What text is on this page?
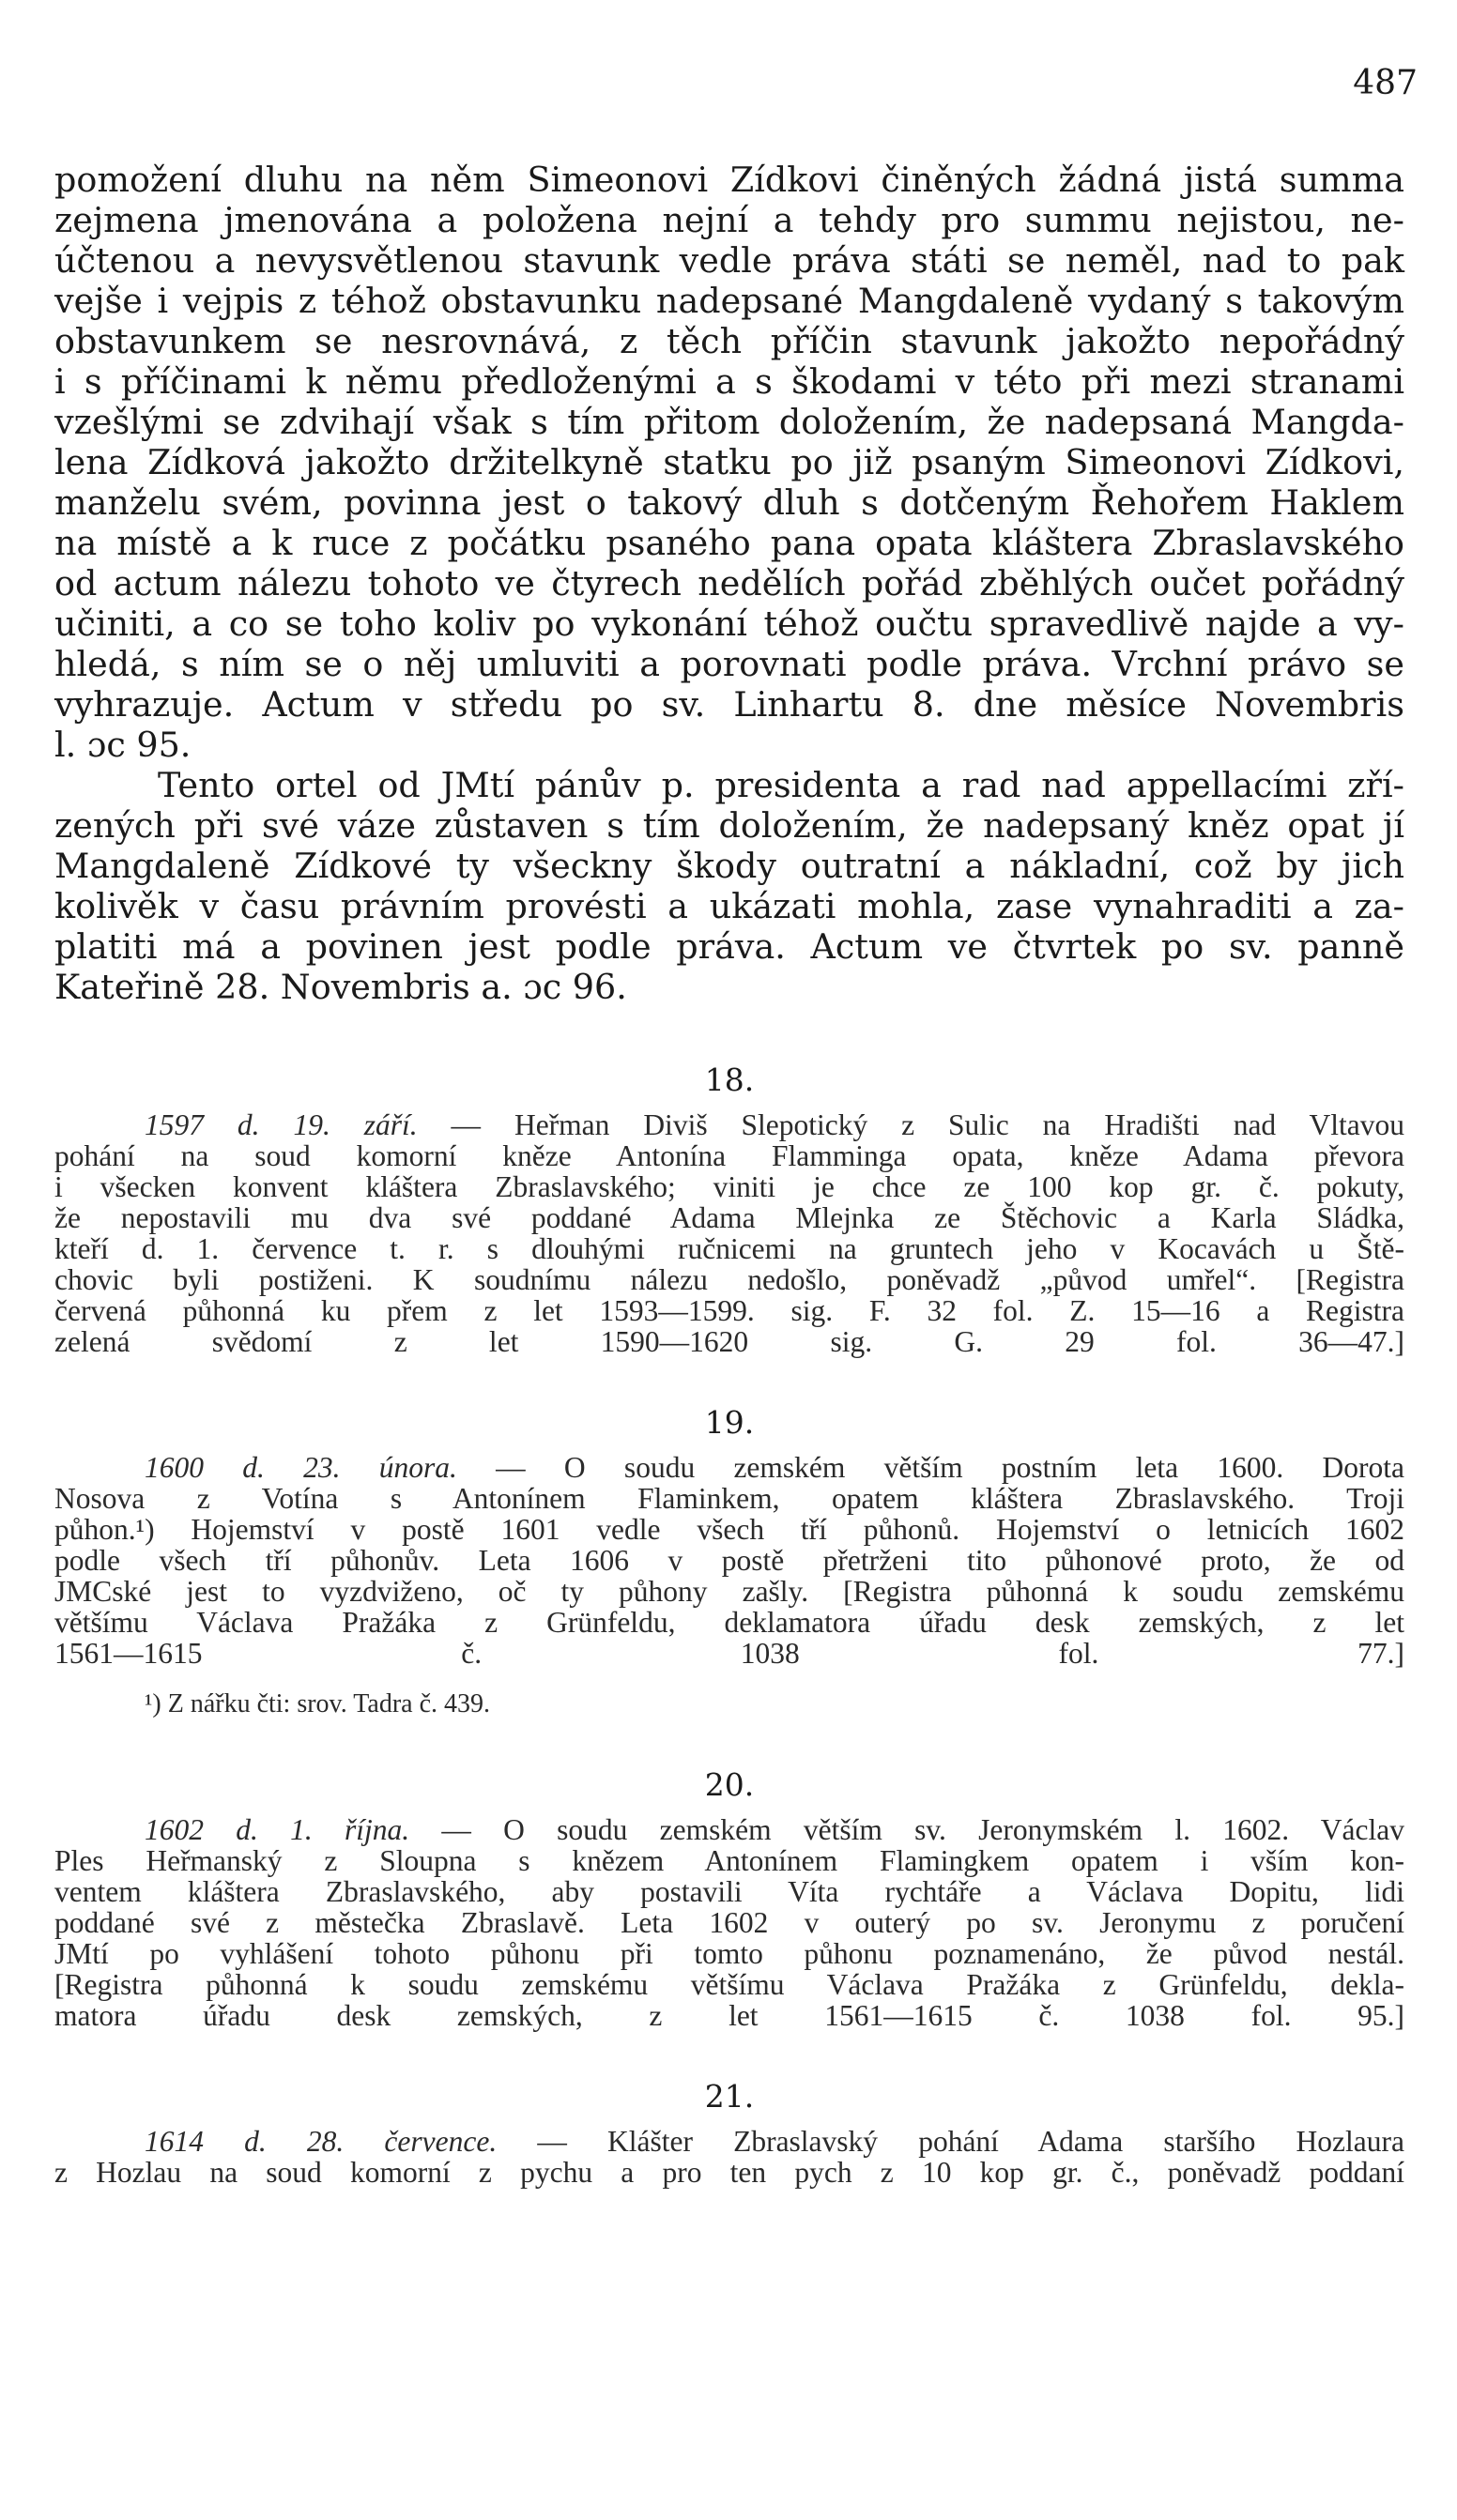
487

pomožení dluhu na něm Simeonovi Zídkovi činěných žádná jistá summa
zejmena jmenována a položena nejní a tehdy pro summu nejistou, ne-
účtenou a nevysvětlenou stavunk vedle práva státi se neměl, nad to pak
vejše i vejpis z téhož obstavunku nadepsané Mangdaleně vydaný s takovým
obstavunkem se nesrovnává, z těch příčin stavunk jakožto nepořádný
i s příčinami k němu předloženými a s škodami v této při mezi stranami
vzešlými se zdvihají však s tím přitom doložením, že nadepsaná Mangda-
lena Zídková jakožto držitelkyně statku po již psaným Simeonovi Zídkovi,
manželu svém, povinna jest o takový dluh s dotčeným Řehořem Haklem
na místě a k ruce z počátku psaného pana opata kláštera Zbraslavského
od actum nálezu tohoto ve čtyrech nedělích pořád zběhlých oučet pořádný
učiniti, a co se toho koliv po vykonání téhož oučtu spravedlivě najde a vy-
hledá, s ním se o něj umluviti a porovnati podle práva. Vrchní právo se
vyhrazuje. Actum v středu po sv. Linhartu 8. dne měsíce Novembris
l. ɔc 95.

Tento ortel od JMtí pánův p. presidenta a rad nad appellacími zří-
zených při své váze zůstaven s tím doložením, že nadepsaný kněz opat jí
Mangdaleně Zídkové ty všeckny škody outratní a nákladní, což by jich
kolivěk v času právním provésti a ukázati mohla, zase vynahraditi a za-
platiti má a povinen jest podle práva. Actum ve čtvrtek po sv. panně
Kateřině 28. Novembris a. ɔc 96.

18.

1597 d. 19. září. — Heřman Diviš Slepotický z Sulic na Hradišti nad Vltavou
pohání na soud komorní kněze Antonína Flamminga opata, kněze Adama převora
i všecken konvent kláštera Zbraslavského; viniti je chce ze 100 kop gr. č. pokuty,
že nepostavili mu dva své poddané Adama Mlejnka ze Štěchovic a Karla Sládka,
kteří d. 1. července t. r. s dlouhými ručnicemi na gruntech jeho v Kocavách u Ště-
chovic byli postiženi. K soudnímu nálezu nedošlo, poněvadž „původ umřel“. [Registra
červená půhonná ku přem z let 1593—1599. sig. F. 32 fol. Z. 15—16 a Registra
zelená svědomí z let 1590—1620 sig. G. 29 fol. 36—47.]

19.

1600 d. 23. února. — O soudu zemském větším postním leta 1600. Dorota
Nosova z Votína s Antonínem Flaminkem, opatem kláštera Zbraslavského. Troji
půhon.¹) Hojemství v postě 1601 vedle všech tří půhonů. Hojemství o letnicích 1602
podle všech tří půhonův. Leta 1606 v postě přetrženi tito půhonové proto, že od
JMCské jest to vyzdviženo, oč ty půhony zašly. [Registra půhonná k soudu zemskému
většímu Václava Pražáka z Grünfeldu, deklamatora úřadu desk zemských, z let
1561—1615 č. 1038 fol. 77.]
¹) Z nářku čti: srov. Tadra č. 439.

20.

1602 d. 1. října. — O soudu zemském větším sv. Jeronymském l. 1602. Václav
Ples Heřmanský z Sloupna s knězem Antonínem Flamingkem opatem i vším kon-
ventem kláštera Zbraslavského, aby postavili Víta rychtáře a Václava Dopitu, lidi
poddané své z městečka Zbraslavě. Leta 1602 v outerý po sv. Jeronymu z poručení
JMtí po vyhlášení tohoto půhonu při tomto půhonu poznamenáno, že původ nestál.
[Registra půhonná k soudu zemskému většímu Václava Pražáka z Grünfeldu, dekla-
matora úřadu desk zemských, z let 1561—1615 č. 1038 fol. 95.]

21.

1614 d. 28. července. — Klášter Zbraslavský pohání Adama staršího Hozlaura
z Hozlau na soud komorní z pychu a pro ten pych z 10 kop gr. č., poněvadž poddaní
